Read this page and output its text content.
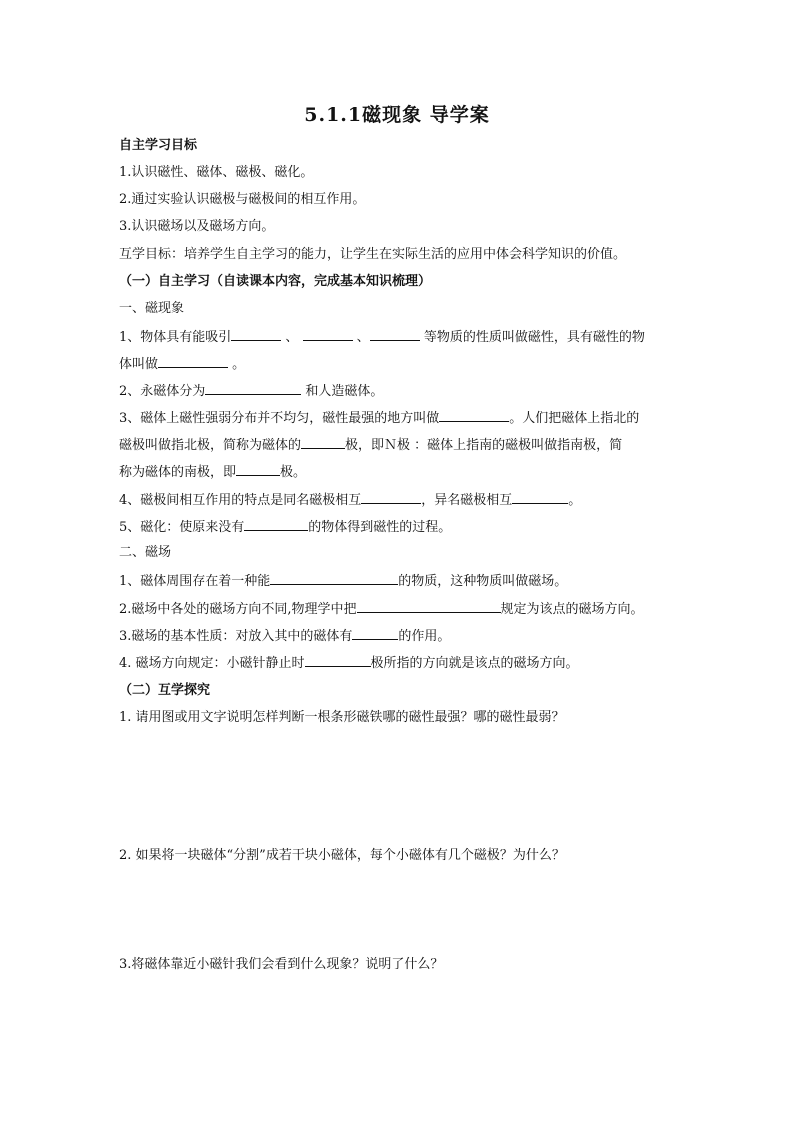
5.1.1磁现象 导学案
自主学习目标
1.认识磁性、磁体、磁极、磁化。
2.通过实验认识磁极与磁极间的相互作用。
3.认识磁场以及磁场方向。
互学目标：培养学生自主学习的能力，让学生在实际生活的应用中体会科学知识的价值。
（一）自主学习（自读课本内容，完成基本知识梳理）
一、磁现象
1、物体具有能吸引	、	、	等物质的性质叫做磁性，具有磁性的物
体叫做	。
2、永磁体分为	和人造磁体。
3、磁体上磁性强弱分布并不均匀，磁性最强的地方叫做	。人们把磁体上指北的
磁极叫做指北极，简称为磁体的	极，即Ｎ极 ：磁体上指南的磁极叫做指南极，简
称为磁体的南极，即	极。
4、磁极间相互作用的特点是同名磁极相互	，异名磁极相互	。
5、磁化：使原来没有	的物体得到磁性的过程。
二、磁场
1、磁体周围存在着一种能	的物质，这种物质叫做磁场。
2.磁场中各处的磁场方向不同,物理学中把	规定为该点的磁场方向。
3.磁场的基本性质：对放入其中的磁体有	的作用。
4. 磁场方向规定：小磁针静止时	极所指的方向就是该点的磁场方向。
（二）互学探究
1. 请用图或用文字说明怎样判断一根条形磁铁哪的磁性最强？哪的磁性最弱？
2. 如果将一块磁体“分割”成若干块小磁体，每个小磁体有几个磁极？为什么？
3.将磁体靠近小磁针我们会看到什么现象？说明了什么？
